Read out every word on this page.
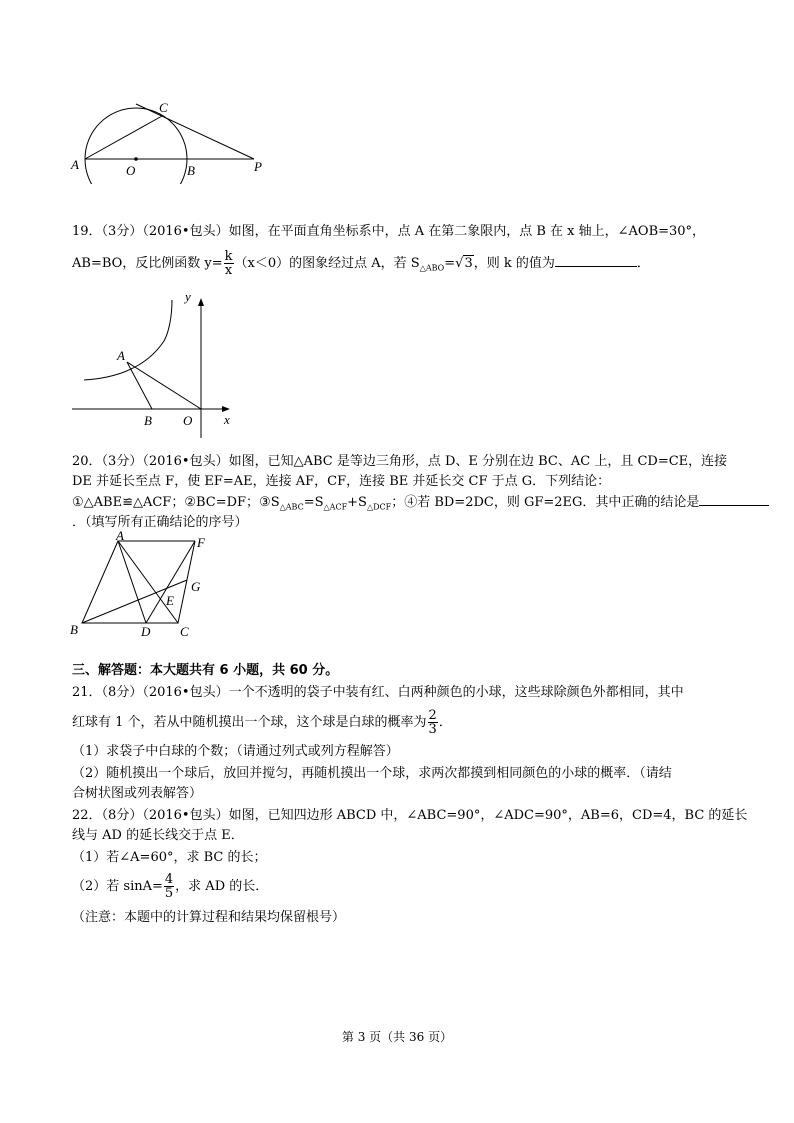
A	O	B
C
P
19．（3分）（2016•包头）如图，在平面直角坐标系中，点 A 在第二象限内，点 B 在 x 轴上，∠AOB=30°，
AB=BO，反比例函数 $y= \frac{k}{x} (x<0)$的图象经过点 A，若 $S_{\triangle ABO}=√3$，则 k 的值为	．
y
x
A
B O
20．（3分）（2016•包头）如图，已知△ABC 是等边三角形，点 D、E 分别在边 BC、AC 上，且 CD=CE，连接
DE 并延长至点 F，使 EF=AE，连接 AF，CF，连接 BE 并延长交 CF 于点 G．下列结论：
①△ABE≌△ACF；②BC=DF；$③S_{\triangle ABC}=S_{\triangle ACF}+S_{\triangle DCF}$；④若 BD=2DC，则 GF=2EG．其中正确的结论是
．（填写所有正确结论的序号）
A	F
G
E
B	D C
三、解答题：本大题共有 6 小题，共 60 分。
21．（8分）（2016•包头）一个不透明的袋子中装有红、白两种颜色的小球，这些球除颜色外都相同，其中
红球有 1 个，若从中随机摸出一个球，这个球是白球的概率为 $\frac{2}{3}$ ．
（1）求袋子中白球的个数；（请通过列式或列方程解答）
（2）随机摸出一个球后，放回并搅匀，再随机摸出一个球，求两次都摸到相同颜色的小球的概率．（请结
合树状图或列表解答）
22．（8分）（2016•包头）如图，已知四边形 ABCD 中，∠ABC=90°，∠ADC=90°，AB=6，CD=4，BC 的延长
线与 AD 的延长线交于点 E．
（1）若∠A=60°，求 BC 的长；
（2）若 $\sin A= \frac{4}{5}$ ，求 AD 的长．
（注意：本题中的计算过程和结果均保留根号）
第 3 页（共 36 页）
